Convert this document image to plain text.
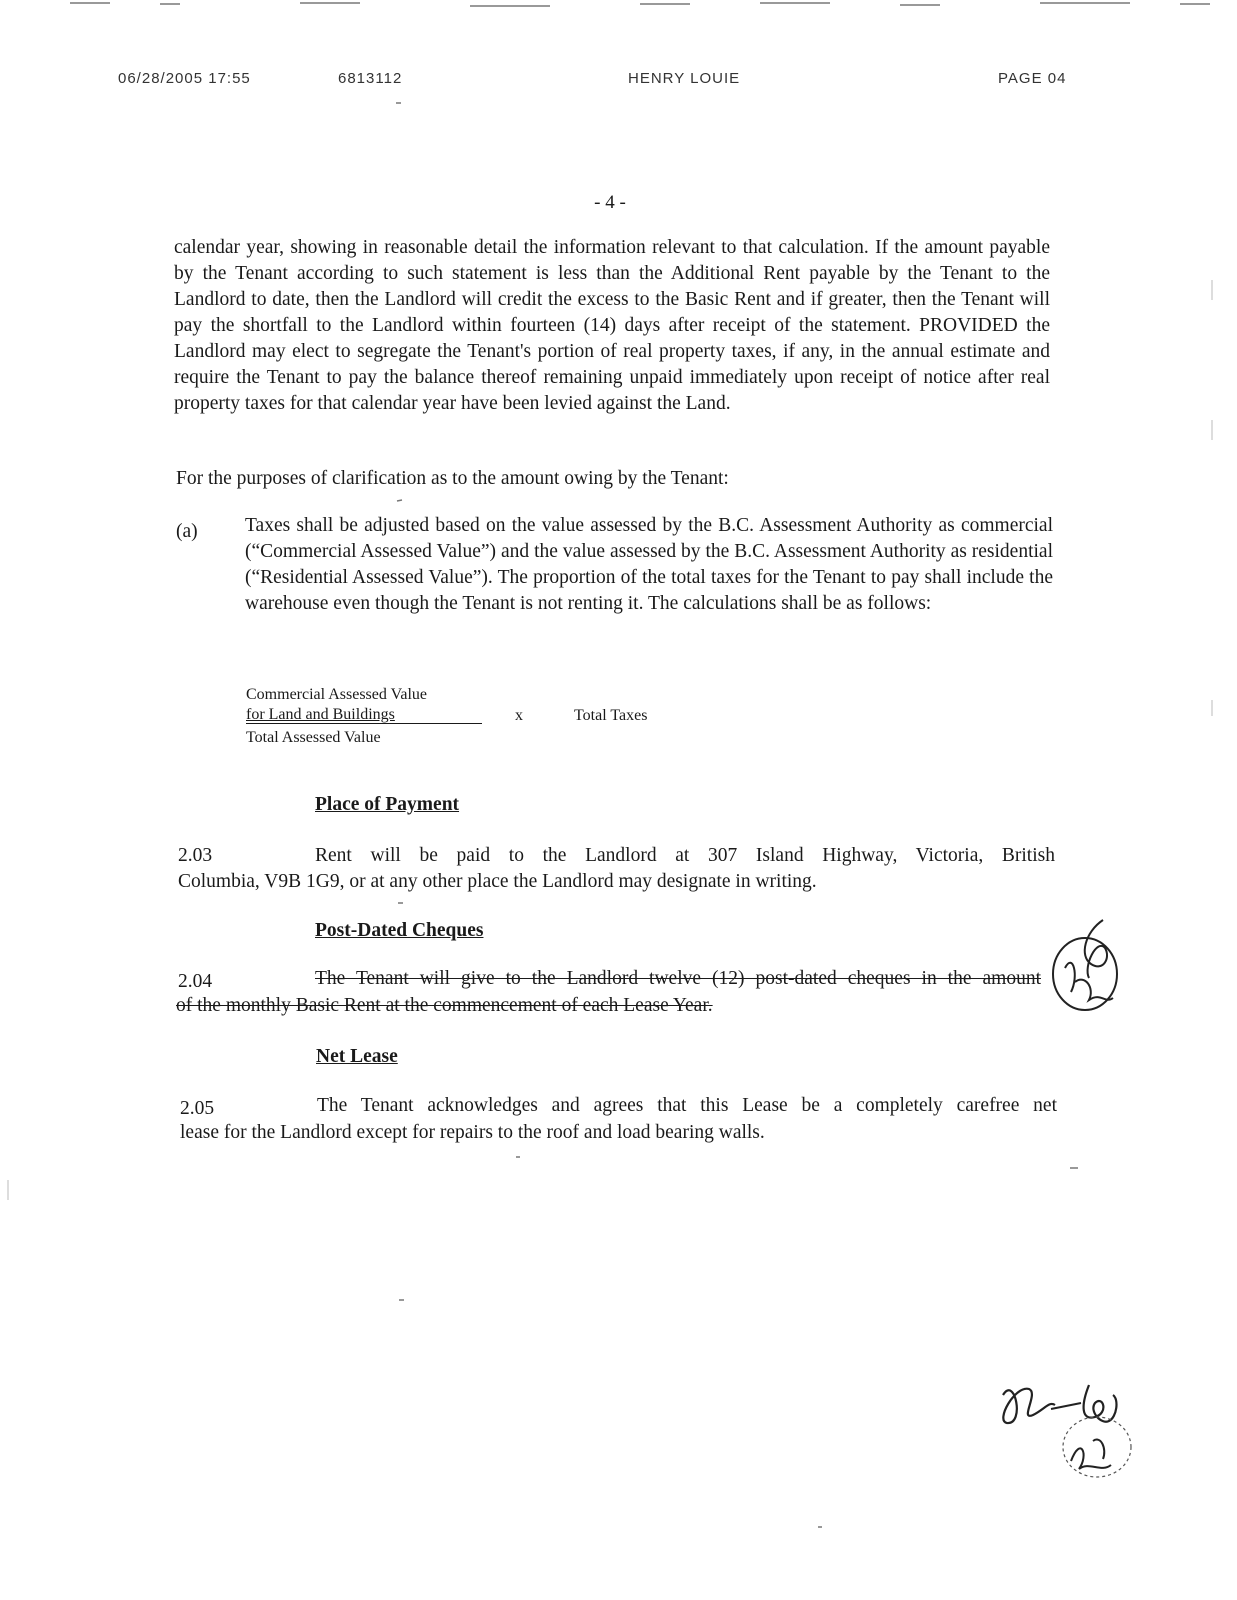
06/28/2005 17:55	6813112	HENRY LOUIE	PAGE 04
- 4 -
calendar year, showing in reasonable detail the information relevant to that calculation. If the amount payable by the Tenant according to such statement is less than the Additional Rent payable by the Tenant to the Landlord to date, then the Landlord will credit the excess to the Basic Rent and if greater, then the Tenant will pay the shortfall to the Landlord within fourteen (14) days after receipt of the statement. PROVIDED the Landlord may elect to segregate the Tenant's portion of real property taxes, if any, in the annual estimate and require the Tenant to pay the balance thereof remaining unpaid immediately upon receipt of notice after real property taxes for that calendar year have been levied against the Land.
For the purposes of clarification as to the amount owing by the Tenant:
(a) Taxes shall be adjusted based on the value assessed by the B.C. Assessment Authority as commercial (“Commercial Assessed Value”) and the value assessed by the B.C. Assessment Authority as residential (“Residential Assessed Value”). The proportion of the total taxes for the Tenant to pay shall include the warehouse even though the Tenant is not renting it. The calculations shall be as follows:
Commercial Assessed Value
for Land and Buildings
Total Assessed Value
x	Total Taxes
Place of Payment
2.03	Rent will be paid to the Landlord at 307 Island Highway, Victoria, British
Columbia, V9B 1G9, or at any other place the Landlord may designate in writing.
Post-Dated Cheques
2.04	The Tenant will give to the Landlord twelve (12) post-dated cheques in the amount
of the monthly Basic Rent at the commencement of each Lease Year.
Net Lease
2.05	The Tenant acknowledges and agrees that this Lease be a completely carefree net
lease for the Landlord except for repairs to the roof and load bearing walls.
